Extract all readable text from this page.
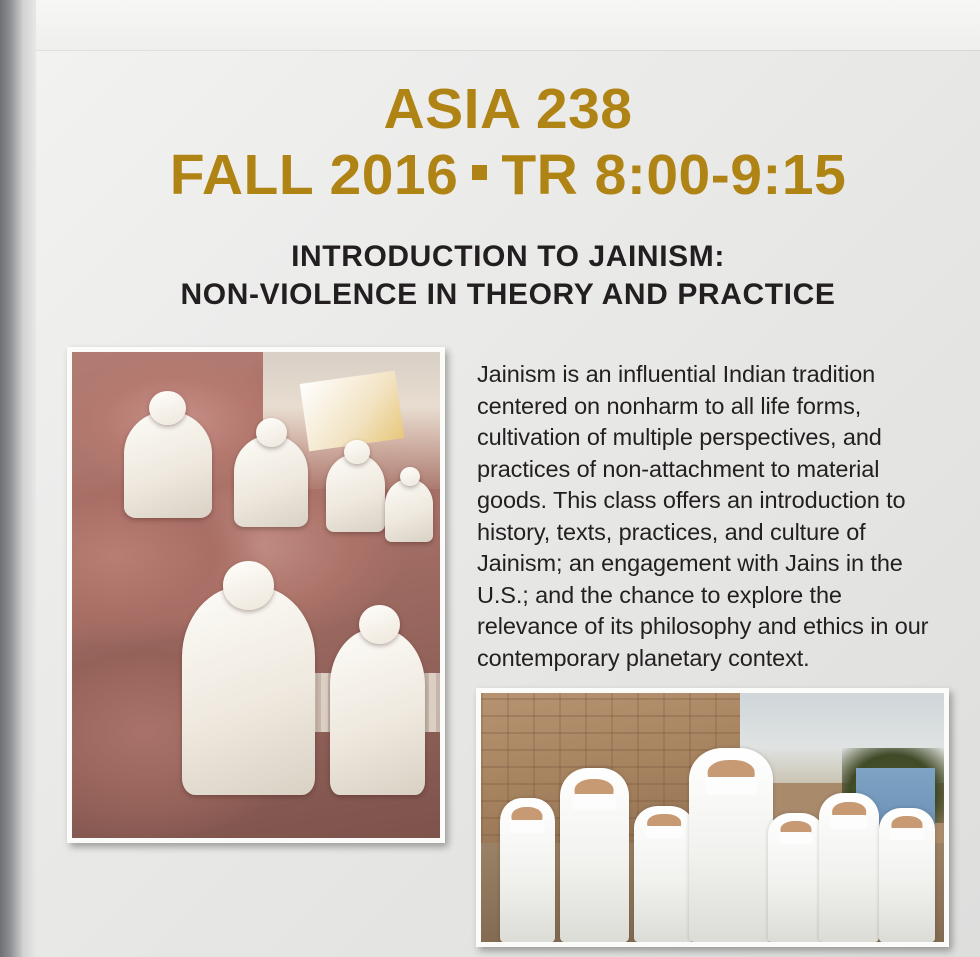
ASIA 238
FALL 2016 TR 8:00-9:15
INTRODUCTION TO JAINISM:
NON-VIOLENCE IN THEORY AND PRACTICE
Jainism is an influential Indian tradition centered on nonharm to all life forms, cultivation of multiple perspectives, and practices of non-attachment to material goods. This class offers an introduction to history, texts, practices, and culture of Jainism; an engagement with Jains in the U.S.; and the chance to explore the relevance of its philosophy and ethics in our contemporary planetary context.
